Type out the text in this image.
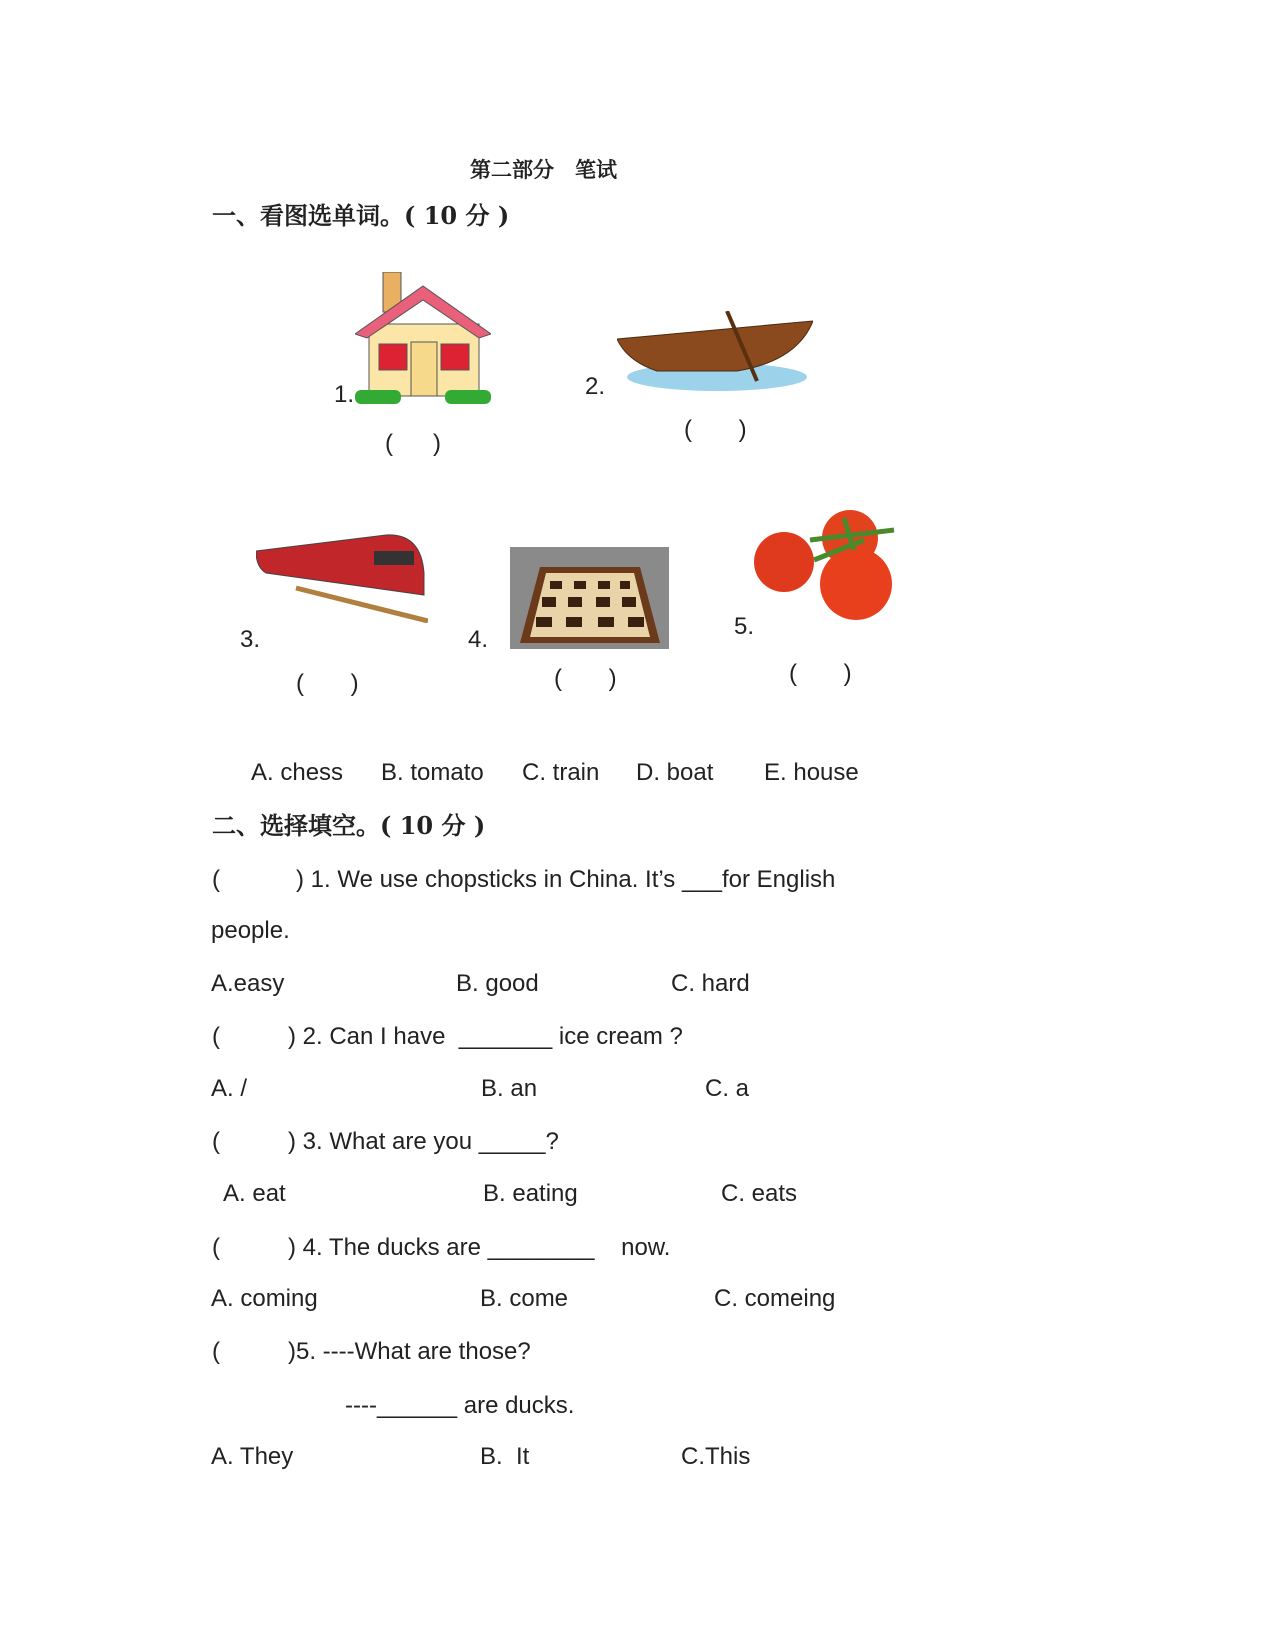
第二部分　笔试
一、看图选单词。( 10 分 )
1.
(      )
2.
(       )
3.
(       )
4.
(       )
5.
(       )
A. chess B. tomato C. train D. boat E. house
二、选择填空。( 10 分 )
(	) 1. We use chopsticks in China. It’s ___for English
people.
A.easy	B. good	C. hard
(	) 2. Can I have  _______ ice cream ?
A. /	B. an	C. a
(	) 3. What are you _____?
A. eat	B. eating	C. eats
(	) 4. The ducks are ________    now.
A. coming	B. come	C. comeing
(	)5. ----What are those?
----______ are ducks.
A. They	B.  It	C.This
